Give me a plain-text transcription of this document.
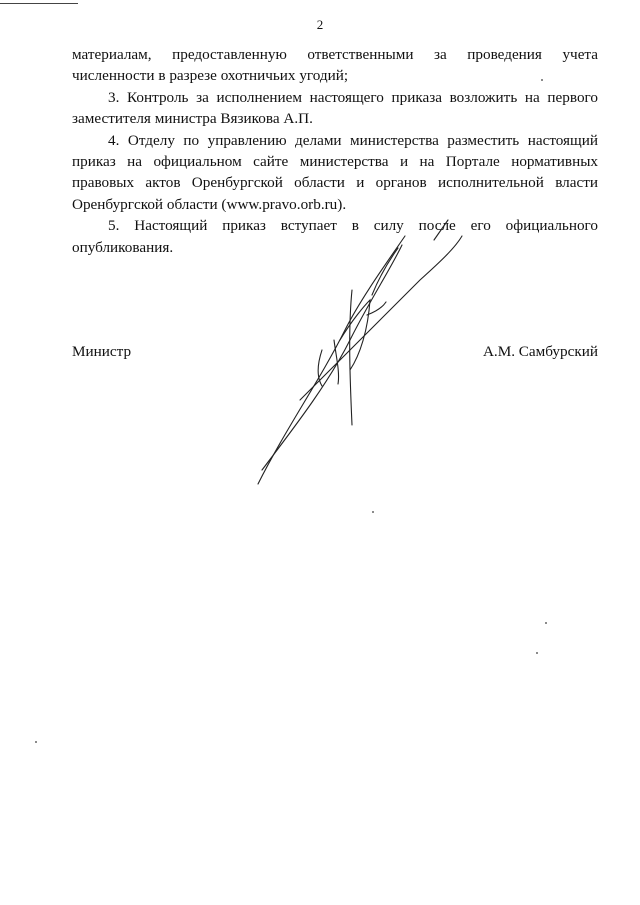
2

материалам, предоставленную ответственными за проведения учета численности в разрезе охотничьих угодий;

3. Контроль за исполнением настоящего приказа возложить на первого заместителя министра Вязикова А.П.

4. Отделу по управлению делами министерства разместить настоящий приказ на официальном сайте министерства и на Портале нормативных правовых актов Оренбургской области и органов исполнительной власти Оренбургской области (www.pravo.orb.ru).

5. Настоящий приказ вступает в силу после его официального опубликования.

Министр	А.М. Самбурский
